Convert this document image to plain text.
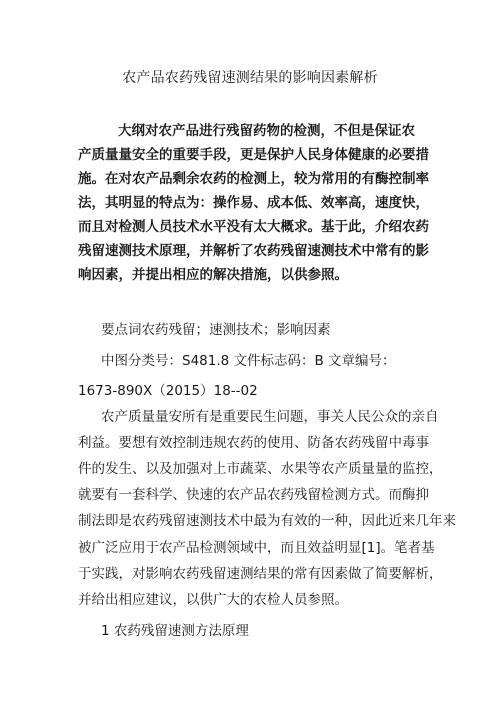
农产品农药残留速测结果的影响因素解析
大纲对农产品进行残留药物的检测，不但是保证农
产质量量安全的重要手段，更是保护人民身体健康的必要措
施。在对农产品剩余农药的检测上，较为常用的有酶控制率
法，其明显的特点为：操作易、成本低、效率高，速度快，
而且对检测人员技术水平没有太大概求。基于此，介绍农药
残留速测技术原理，并解析了农药残留速测技术中常有的影
响因素，并提出相应的解决措施，以供参照。
要点词农药残留；速测技术；影响因素
中图分类号：S481.8 文件标志码：B 文章编号：
1673-890X（2015）18--02
农产质量量安所有是重要民生问题，事关人民公众的亲自
利益。要想有效控制违规农药的使用、防备农药残留中毒事
件的发生、以及加强对上市蔬菜、水果等农产质量量的监控，
就要有一套科学、快速的农产品农药残留检测方式。而酶抑
制法即是农药残留速测技术中最为有效的一种，因此近来几年来
被广泛应用于农产品检测领域中，而且效益明显[1]。笔者基
于实践，对影响农药残留速测结果的常有因素做了简要解析，
并给出相应建议，以供广大的农检人员参照。
1 农药残留速测方法原理
